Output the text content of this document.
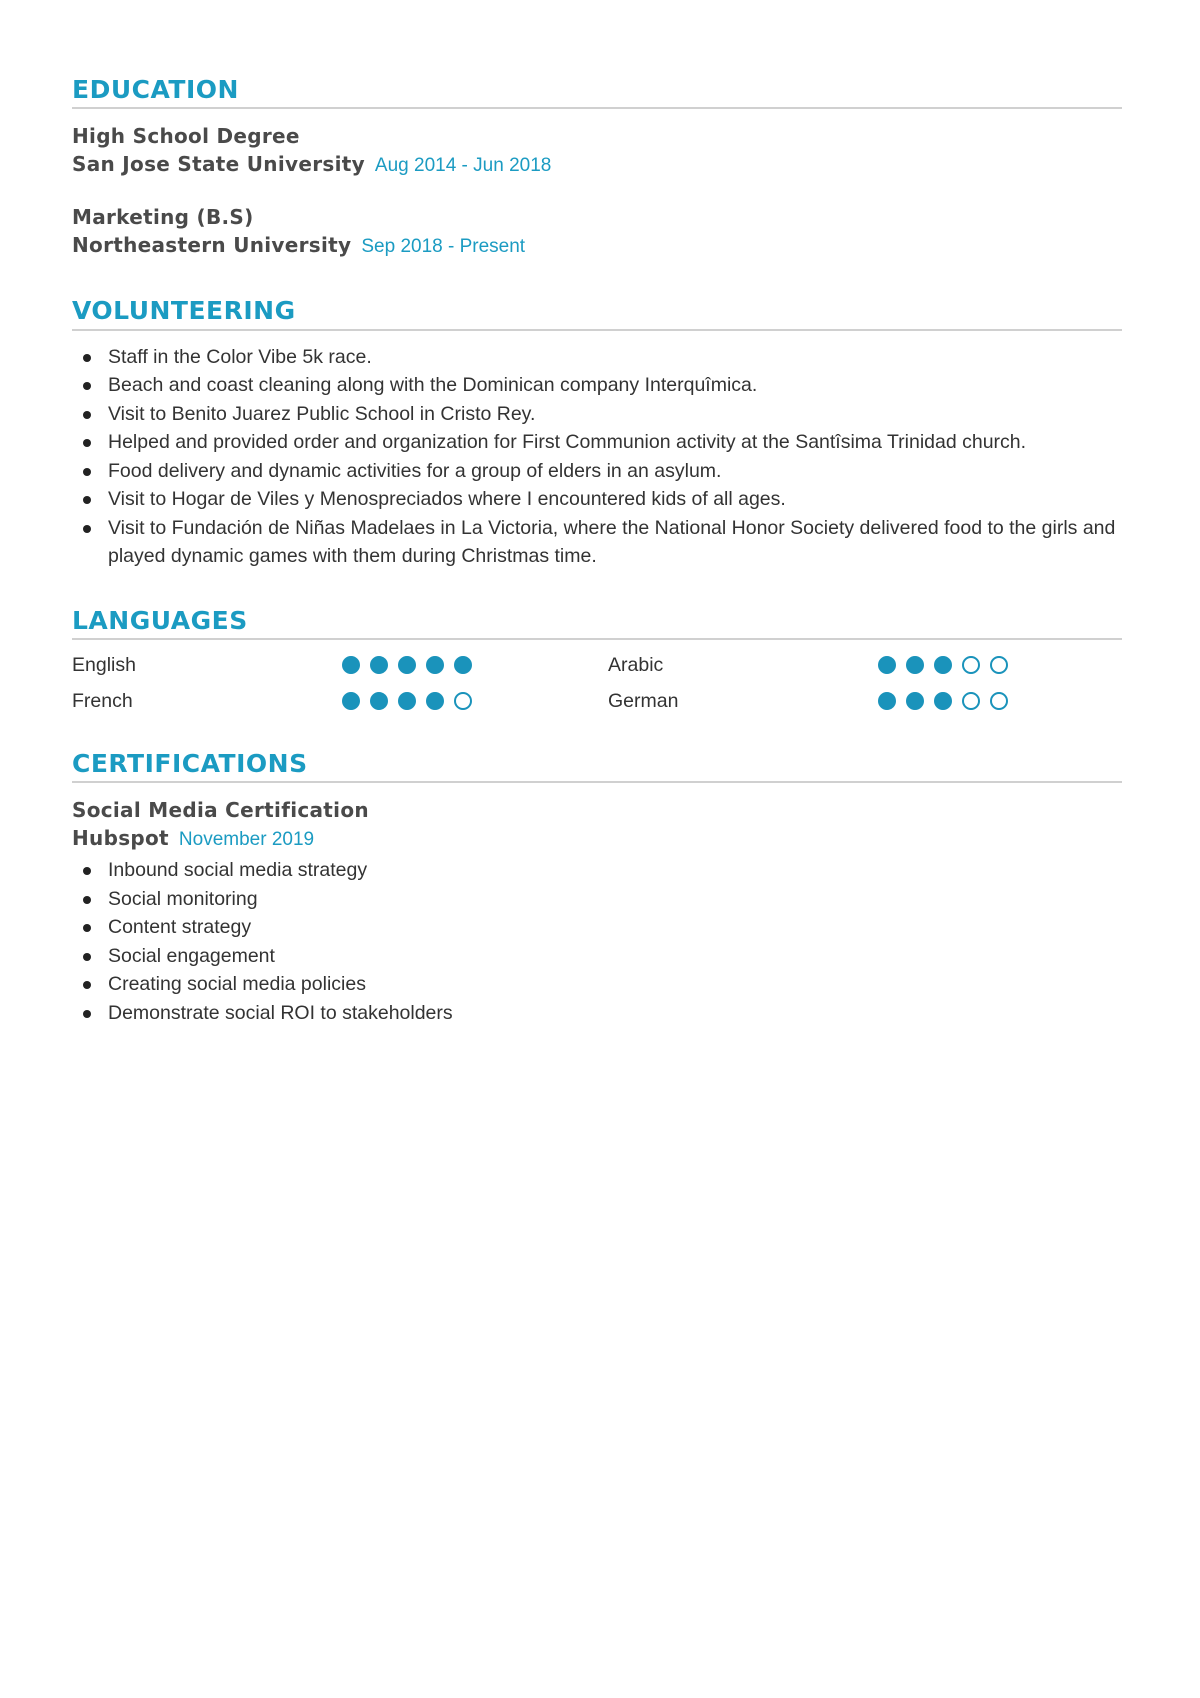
EDUCATION
High School Degree
San Jose State University Aug 2014 - Jun 2018
Marketing (B.S)
Northeastern University Sep 2018 - Present
VOLUNTEERING
Staff in the Color Vibe 5k race.
Beach and coast cleaning along with the Dominican company Interquîmica.
Visit to Benito Juarez Public School in Cristo Rey.
Helped and provided order and organization for First Communion activity at the Santîsima Trinidad church.
Food delivery and dynamic activities for a group of elders in an asylum.
Visit to Hogar de Viles y Menospreciados where I encountered kids of all ages.
Visit to Fundación de Niñas Madelaes in La Victoria, where the National Honor Society delivered food to the girls and played dynamic games with them during Christmas time.
LANGUAGES
English	Arabic
French	German
CERTIFICATIONS
Social Media Certification
Hubspot November 2019
Inbound social media strategy
Social monitoring
Content strategy
Social engagement
Creating social media policies
Demonstrate social ROI to stakeholders
